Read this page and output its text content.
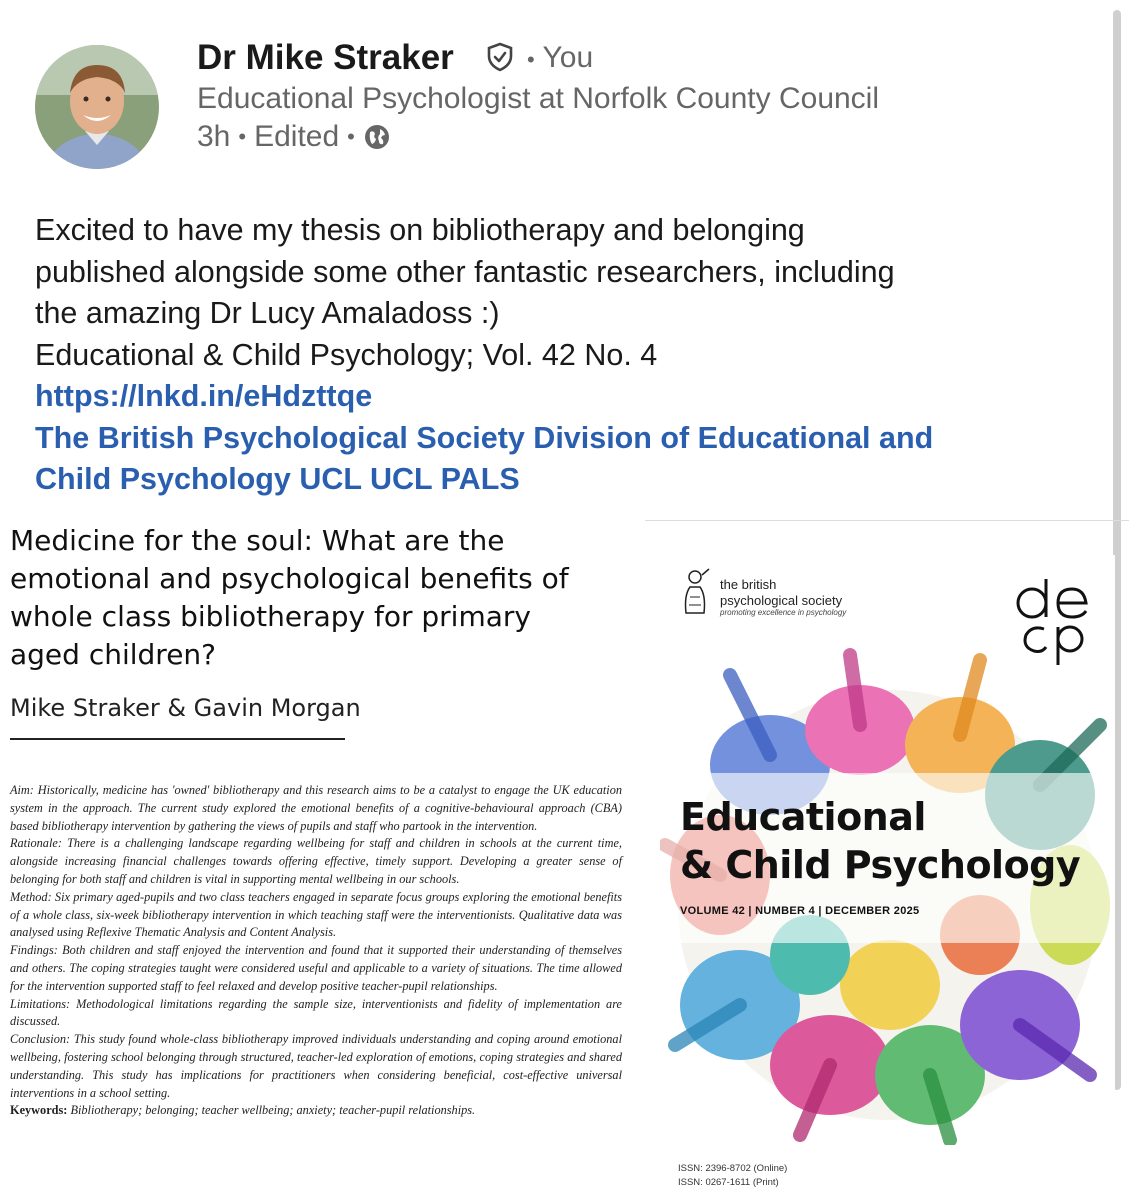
Dr Mike Straker	• You
Educational Psychologist at Norfolk County Council
3h • Edited •
Excited to have my thesis on bibliotherapy and belonging
published alongside some other fantastic researchers, including
the amazing Dr Lucy Amaladoss :)
Educational & Child Psychology; Vol. 42 No. 4
https://lnkd.in/eHdzttqe
The British Psychological Society Division of Educational and
Child Psychology UCL UCL PALS
Medicine for the soul: What are the
emotional and psychological benefits of
whole class bibliotherapy for primary
aged children?
Mike Straker & Gavin Morgan
Aim: Historically, medicine has 'owned' bibliotherapy and this research aims to be a catalyst to engage the UK education system in the approach. The current study explored the emotional benefits of a cognitive-behavioural approach (CBA) based bibliotherapy intervention by gathering the views of pupils and staff who partook in the intervention.
Rationale: There is a challenging landscape regarding wellbeing for staff and children in schools at the current time, alongside increasing financial challenges towards offering effective, timely support. Developing a greater sense of belonging for both staff and children is vital in supporting mental wellbeing in our schools.
Method: Six primary aged-pupils and two class teachers engaged in separate focus groups exploring the emotional benefits of a whole class, six-week bibliotherapy intervention in which teaching staff were the interventionists. Qualitative data was analysed using Reflexive Thematic Analysis and Content Analysis.
Findings: Both children and staff enjoyed the intervention and found that it supported their understanding of themselves and others. The coping strategies taught were considered useful and applicable to a variety of situations. The time allowed for the intervention supported staff to feel relaxed and develop positive teacher-pupil relationships.
Limitations: Methodological limitations regarding the sample size, interventionists and fidelity of implementation are discussed.
Conclusion: This study found whole-class bibliotherapy improved individuals understanding and coping around emotional wellbeing, fostering school belonging through structured, teacher-led exploration of emotions, coping strategies and shared understanding. This study has implications for practitioners when considering beneficial, cost-effective universal interventions in a school setting.
Keywords: Bibliotherapy; belonging; teacher wellbeing; anxiety; teacher-pupil relationships.
the british
psychological society
promoting excellence in psychology
Educational
& Child Psychology
VOLUME 42 | NUMBER 4 | DECEMBER 2025
ISSN: 2396-8702 (Online)
ISSN: 0267-1611 (Print)
